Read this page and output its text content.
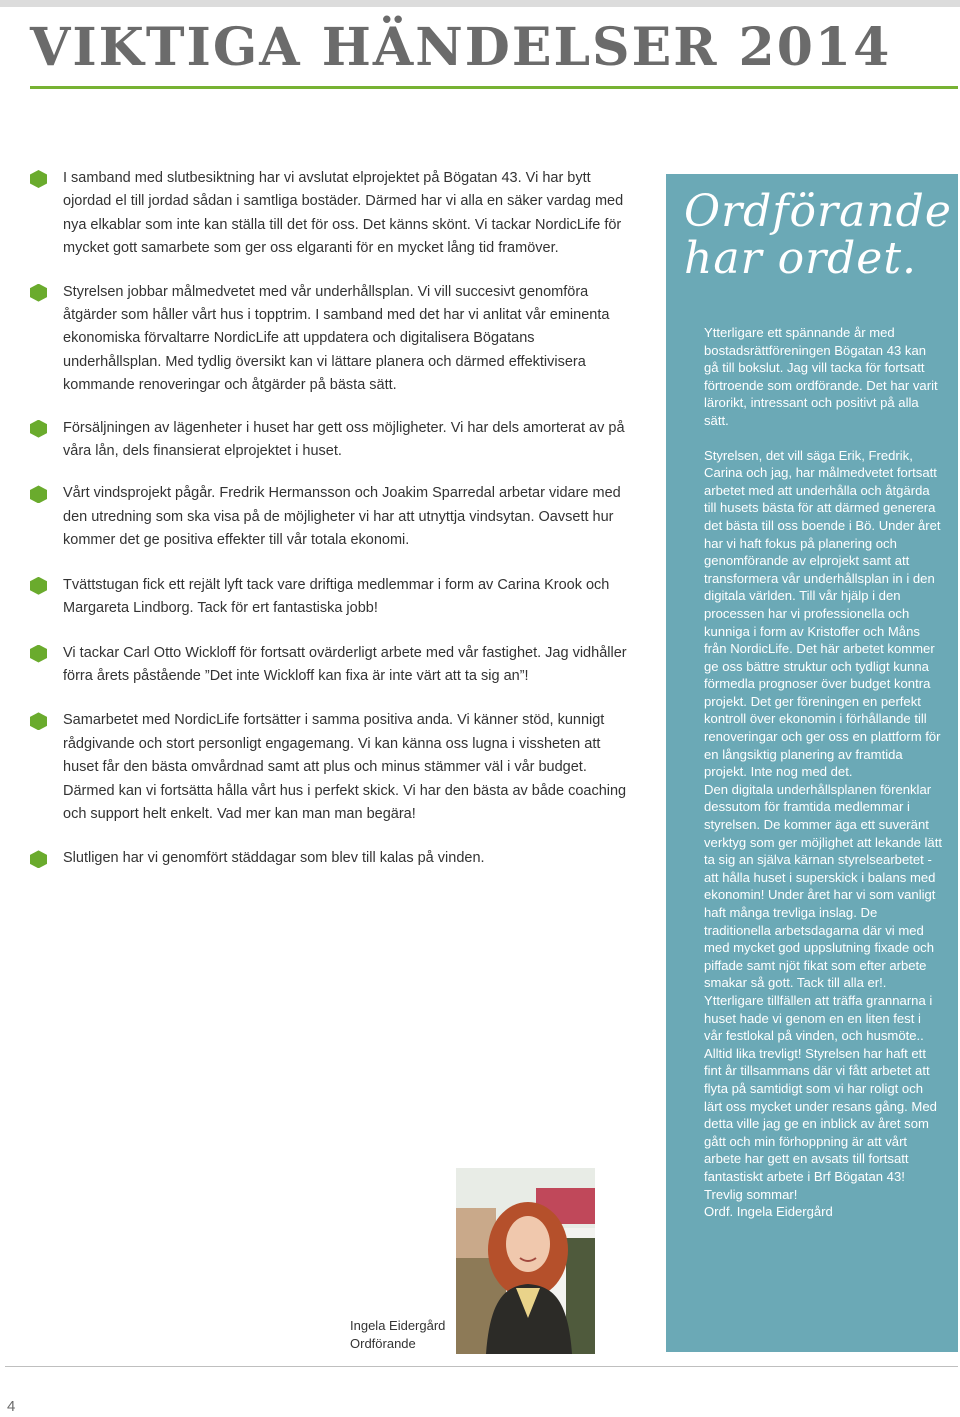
VIKTIGA HÄNDELSER 2014
I samband med slutbesiktning har vi avslutat elprojektet på Bögatan 43. Vi har bytt ojordad el till jordad sådan i samtliga bostäder. Därmed har vi alla en säker vardag med nya elkablar som inte kan ställa till det för oss. Det känns skönt. Vi tackar NordicLife för mycket gott samarbete som ger oss elgaranti för en mycket lång tid framöver.
Styrelsen jobbar målmedvetet med vår underhållsplan. Vi vill succesivt genomföra åtgärder som håller vårt hus i topptrim. I samband med det har vi anlitat vår eminenta ekonomiska förvaltarre NordicLife att uppdatera och digitalisera Bögatans underhållsplan. Med tydlig översikt kan vi lättare planera och därmed effektivisera kommande renoveringar och åtgärder på bästa sätt.
Försäljningen av lägenheter i huset har gett oss möjligheter. Vi har dels amorterat av på våra lån, dels finansierat elprojektet i huset.
Vårt vindsprojekt pågår. Fredrik Hermansson och Joakim Sparredal arbetar vidare med den utredning som ska visa på de möjligheter vi har att utnyttja vindsytan. Oavsett hur kommer det ge positiva effekter till vår totala ekonomi.
Tvättstugan fick ett rejält lyft tack vare driftiga medlemmar i form av Carina Krook och Margareta Lindborg. Tack för ert fantastiska jobb!
Vi tackar Carl Otto Wickloff för fortsatt ovärderligt arbete med vår fastighet. Jag vidhåller förra årets påstående ”Det inte Wickloff kan fixa är inte värt att ta sig an”!
Samarbetet med NordicLife fortsätter i samma positiva anda. Vi känner stöd, kunnigt rådgivande och stort personligt engagemang. Vi kan känna oss lugna i vissheten att huset får den bästa omvårdnad samt att plus och minus stämmer väl i vår budget. Därmed kan vi fortsätta hålla vårt hus i perfekt skick. Vi har den bästa av både coaching och support helt enkelt. Vad mer kan man man begära!
Slutligen har vi genomfört städdagar som blev till kalas på vinden.
Ordförande har ordet.

Ytterligare ett spännande år med bostadsrättföreningen Bögatan 43 kan gå till bokslut. Jag vill tacka för fortsatt förtroende som ordförande. Det har varit lärorikt, intressant och positivt på alla sätt.

Styrelsen, det vill säga Erik, Fredrik, Carina och jag, har målmedvetet fortsatt arbetet med att underhålla och åtgärda till husets bästa för att därmed generera det bästa till oss boende i Bö. Under året har vi haft fokus på planering och genomförande av elprojekt samt att transformera vår underhållsplan in i den digitala världen. Till vår hjälp i den processen har vi professionella och kunniga i form av Kristoffer och Måns från NordicLife. Det här arbetet kommer ge oss bättre struktur och tydligt kunna förmedla prognoser över budget kontra projekt. Det ger föreningen en perfekt kontroll över ekonomin i förhållande till renoveringar och ger oss en plattform för en långsiktig planering av framtida projekt. Inte nog med det.

Den digitala underhållsplanen förenklar dessutom för framtida medlemmar i styrelsen. De kommer äga ett suveränt verktyg som ger möjlighet att lekande lätt ta sig an själva kärnan styrelsearbetet - att hålla huset i superskick i balans med ekonomin! Under året har vi som vanligt haft många trevliga inslag. De traditionella arbetsdagarna där vi med med mycket god uppslutning fixade och piffade samt njöt fikat som efter arbete smakar så gott. Tack till alla er!. Ytterligare tillfällen att träffa grannarna i huset hade vi genom en en liten fest i vår festlokal på vinden, och husmöte.. Alltid lika trevligt! Styrelsen har haft ett fint år tillsammans där vi fått arbetet att flyta på samtidigt som vi har roligt och lärt oss mycket under resans gång. Med detta ville jag ge en inblick av året som gått och min förhoppning är att vårt arbete har gett en avsats till fortsatt fantastiskt arbete i Brf Bögatan 43!

Trevlig sommar!

Ordf. Ingela Eidergård

Ingela Eidergård
Ordförande
4
